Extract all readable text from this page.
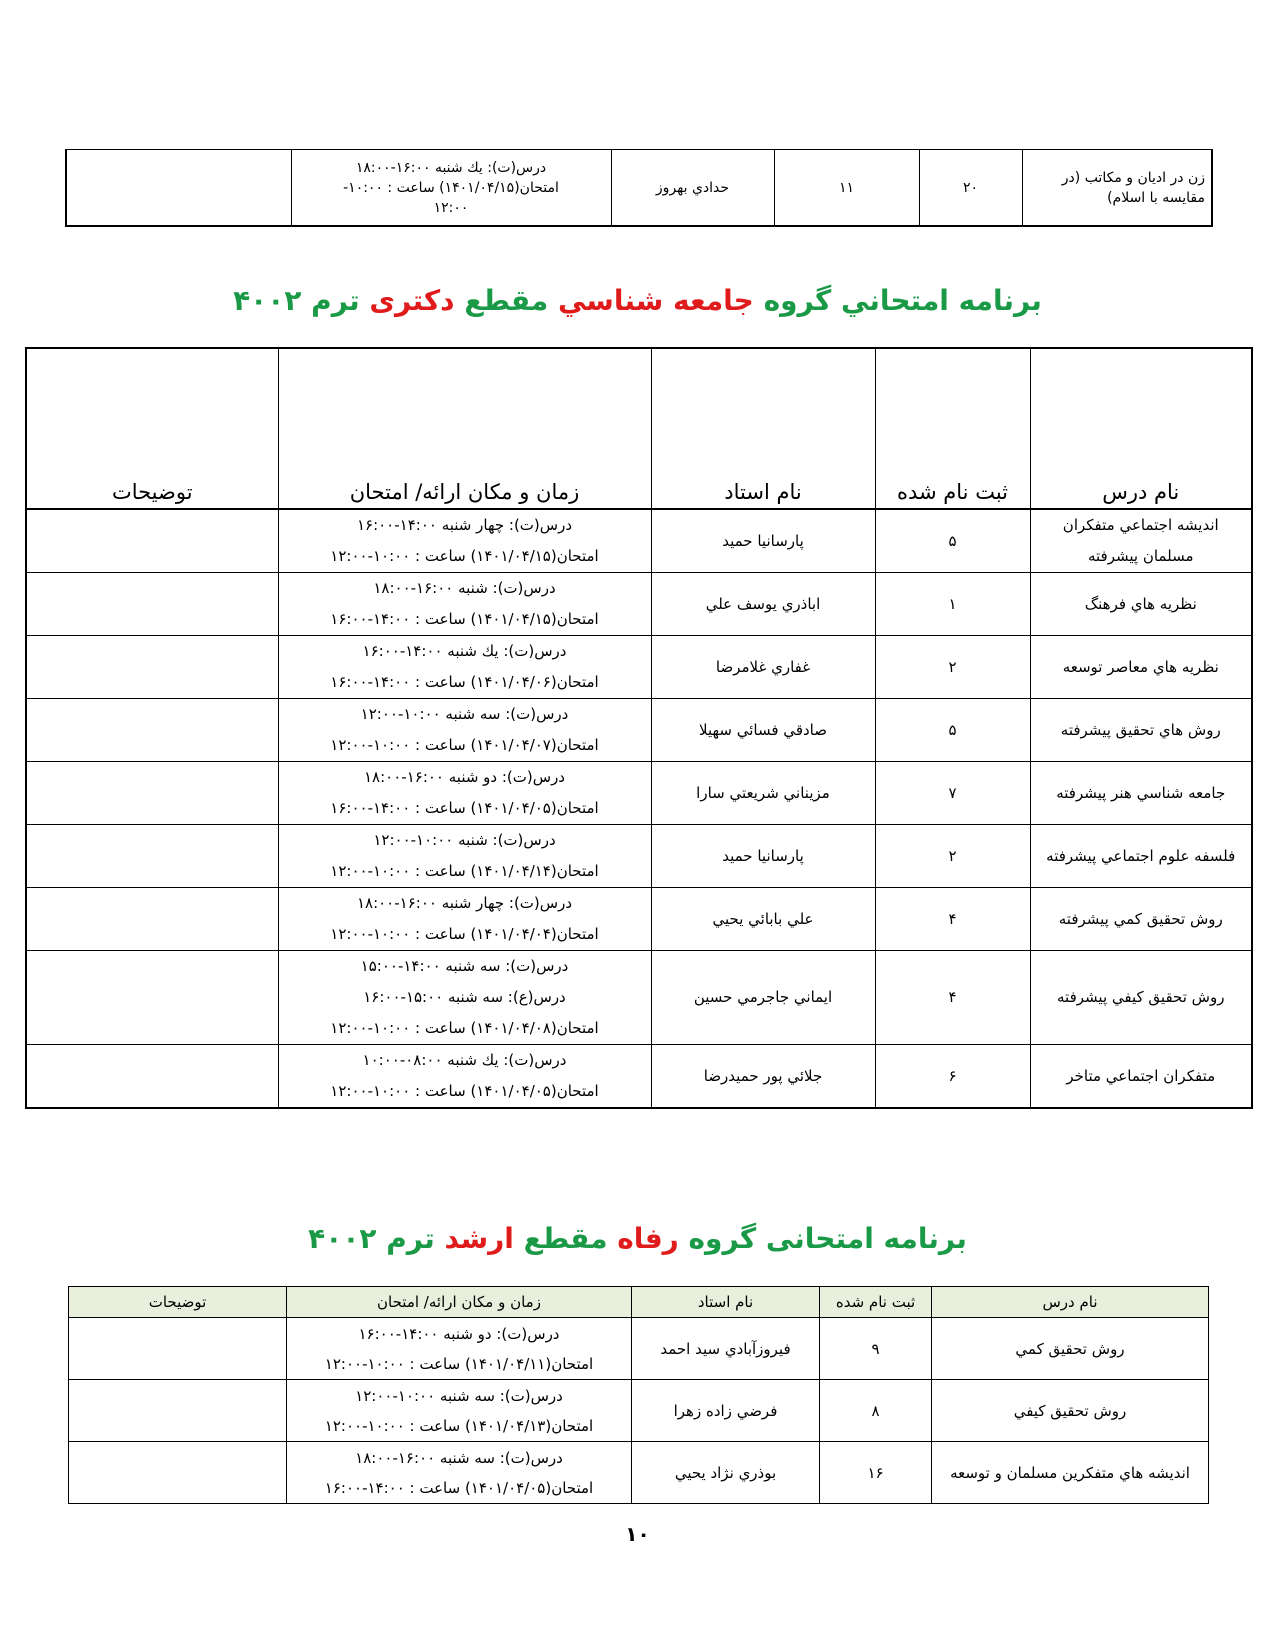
زن در اديان و مكاتب (در مقايسه با اسلام)	۲۰	۱۱	حدادي بهروز	
درس(ت): يك شنبه ۱۶:۰۰-۱۸:۰۰
امتحان(۱۴۰۱/۰۴/۱۵) ساعت : ۱۰:۰۰-
۱۲:۰۰

برنامه امتحاني گروه جامعه شناسي مقطع دکتری ترم ۴۰۰۲
نام درس	ثبت نام شده	نام استاد	زمان و مكان ارائه/ امتحان	توضيحات
انديشه اجتماعي متفكران مسلمان پيشرفته	۵	پارسانيا حميد	درس(ت): چهار شنبه ۱۴:۰۰-۱۶:۰۰
امتحان(۱۴۰۱/۰۴/۱۵) ساعت : ۱۰:۰۰-۱۲:۰۰	

نظريه هاي فرهنگ	۱	اباذري يوسف علي	درس(ت): شنبه ۱۶:۰۰-۱۸:۰۰
امتحان(۱۴۰۱/۰۴/۱۵) ساعت : ۱۴:۰۰-۱۶:۰۰	

نظريه هاي معاصر توسعه	۲	غفاري غلامرضا	درس(ت): يك شنبه ۱۴:۰۰-۱۶:۰۰
امتحان(۱۴۰۱/۰۴/۰۶) ساعت : ۱۴:۰۰-۱۶:۰۰	

روش هاي تحقيق پيشرفته	۵	صادقي فسائي سهيلا	درس(ت): سه شنبه ۱۰:۰۰-۱۲:۰۰
امتحان(۱۴۰۱/۰۴/۰۷) ساعت : ۱۰:۰۰-۱۲:۰۰	

جامعه شناسي هنر پيشرفته	۷	مزيناني شريعتي سارا	درس(ت): دو شنبه ۱۶:۰۰-۱۸:۰۰
امتحان(۱۴۰۱/۰۴/۰۵) ساعت : ۱۴:۰۰-۱۶:۰۰	

فلسفه علوم اجتماعي پيشرفته	۲	پارسانيا حميد	درس(ت): شنبه ۱۰:۰۰-۱۲:۰۰
امتحان(۱۴۰۱/۰۴/۱۴) ساعت : ۱۰:۰۰-۱۲:۰۰	

روش تحقيق كمي پيشرفته	۴	علي بابائي يحيي	درس(ت): چهار شنبه ۱۶:۰۰-۱۸:۰۰
امتحان(۱۴۰۱/۰۴/۰۴) ساعت : ۱۰:۰۰-۱۲:۰۰	

روش تحقيق كيفي پيشرفته	۴	ايماني جاجرمي حسين	درس(ت): سه شنبه ۱۴:۰۰-۱۵:۰۰
درس(ع): سه شنبه ۱۵:۰۰-۱۶:۰۰
امتحان(۱۴۰۱/۰۴/۰۸) ساعت : ۱۰:۰۰-۱۲:۰۰	

متفكران اجتماعي متاخر	۶	جلائي پور حميدرضا	درس(ت): يك شنبه ۰۸:۰۰-۱۰:۰۰
امتحان(۱۴۰۱/۰۴/۰۵) ساعت : ۱۰:۰۰-۱۲:۰۰	

برنامه امتحانی گروه رفاه مقطع ارشد ترم ۴۰۰۲
نام درس	ثبت نام شده	نام استاد	زمان و مكان ارائه/ امتحان	توضيحات
روش تحقيق كمي	۹	فيروزآبادي سيد احمد	درس(ت): دو شنبه ۱۴:۰۰-۱۶:۰۰
امتحان(۱۴۰۱/۰۴/۱۱) ساعت : ۱۰:۰۰-۱۲:۰۰	

روش تحقيق كيفي	۸	فرضي زاده زهرا	درس(ت): سه شنبه ۱۰:۰۰-۱۲:۰۰
امتحان(۱۴۰۱/۰۴/۱۳) ساعت : ۱۰:۰۰-۱۲:۰۰	

انديشه هاي متفكرين مسلمان و توسعه	۱۶	بوذري نژاد يحيي	درس(ت): سه شنبه ۱۶:۰۰-۱۸:۰۰
امتحان(۱۴۰۱/۰۴/۰۵) ساعت : ۱۴:۰۰-۱۶:۰۰	

۱۰
